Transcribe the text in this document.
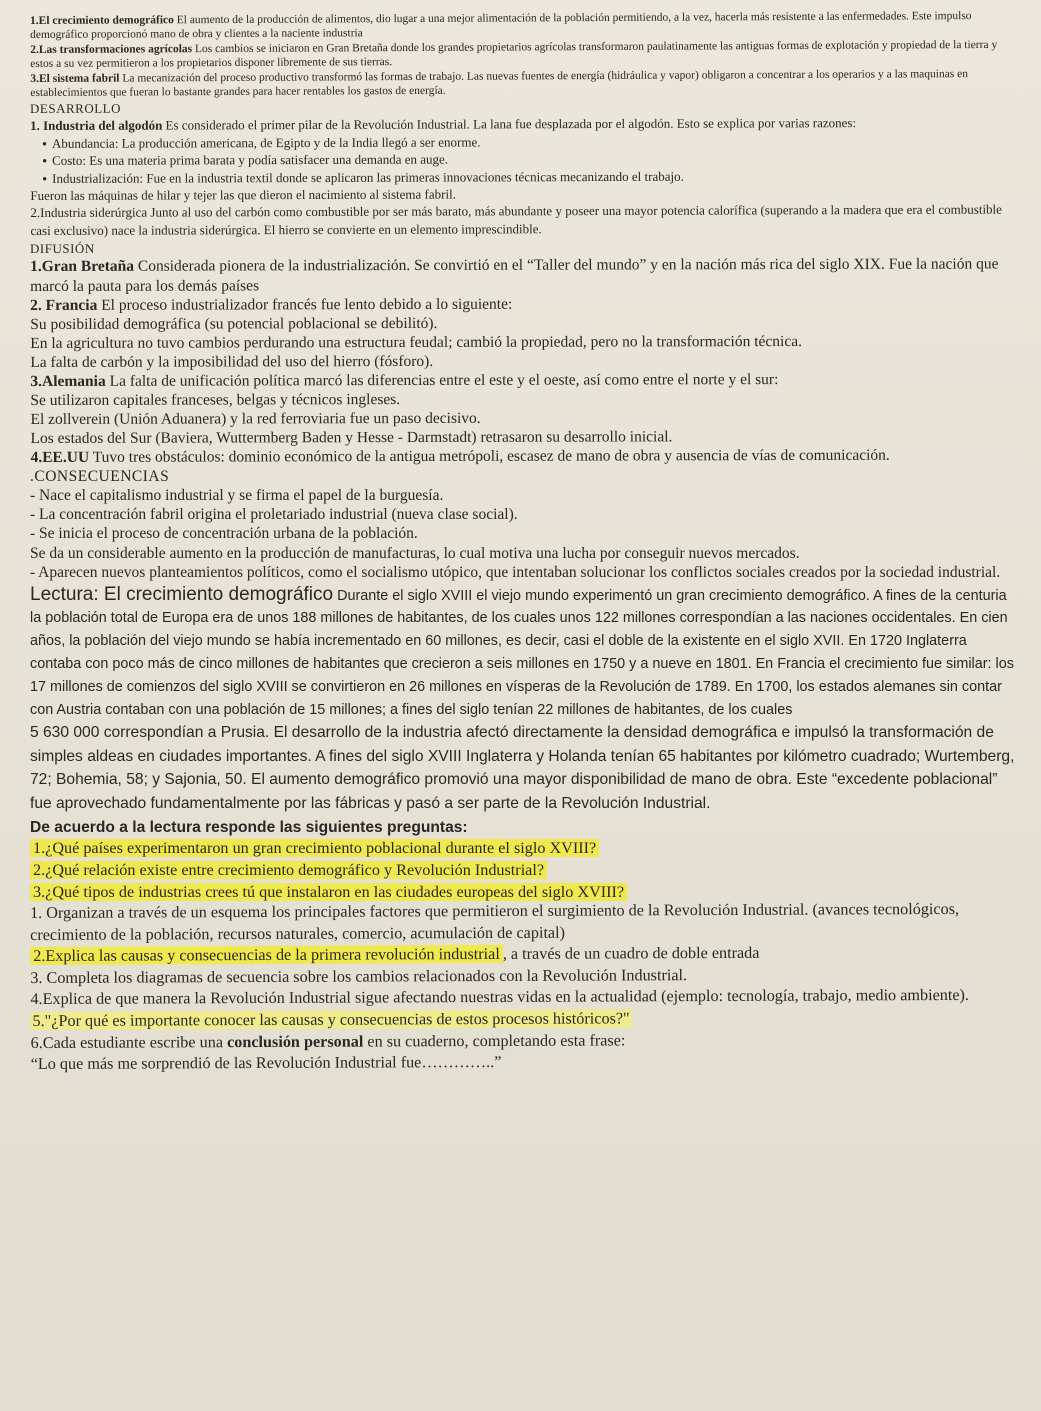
1.El crecimiento demográfico El aumento de la producción de alimentos, dio lugar a una mejor alimentación de la población permitiendo, a la vez, hacerla más resistente a las enfermedades. Este impulso demográfico proporcionó mano de obra y clientes a la naciente industria

2.Las transformaciones agrícolas Los cambios se iniciaron en Gran Bretaña donde los grandes propietarios agrícolas transformaron paulatinamente las antiguas formas de explotación y propiedad de la tierra y estos a su vez permitieron a los propietarios disponer libremente de sus tierras.

3.El sistema fabril La mecanización del proceso productivo transformó las formas de trabajo. Las nuevas fuentes de energía (hidráulica y vapor) obligaron a concentrar a los operarios y a las maquinas en establecimientos que fueran lo bastante grandes para hacer rentables los gastos de energía.

DESARROLLO

1. Industria del algodón Es considerado el primer pilar de la Revolución Industrial. La lana fue desplazada por el algodón. Esto se explica por varias razones:

● Abundancia: La producción americana, de Egipto y de la India llegó a ser enorme.

● Costo: Es una materia prima barata y podía satisfacer una demanda en auge.

● Industrialización: Fue en la industria textil donde se aplicaron las primeras innovaciones técnicas mecanizando el trabajo.

Fueron las máquinas de hilar y tejer las que dieron el nacimiento al sistema fabril.

2.Industria siderúrgica Junto al uso del carbón como combustible por ser más barato, más abundante y poseer una mayor potencia calorífica (superando a la madera que era el combustible casi exclusivo) nace la industria siderúrgica. El hierro se convierte en un elemento imprescindible.

DIFUSIÓN

1.Gran Bretaña Considerada pionera de la industrialización. Se convirtió en el “Taller del mundo” y en la nación más rica del siglo XIX. Fue la nación que marcó la pauta para los demás países

2. Francia El proceso industrializador francés fue lento debido a lo siguiente:

Su posibilidad demográfica (su potencial poblacional se debilitó).

En la agricultura no tuvo cambios perdurando una estructura feudal; cambió la propiedad, pero no la transformación técnica.

La falta de carbón y la imposibilidad del uso del hierro (fósforo).

3.Alemania La falta de unificación política marcó las diferencias entre el este y el oeste, así como entre el norte y el sur:

Se utilizaron capitales franceses, belgas y técnicos ingleses.

El zollverein (Unión Aduanera) y la red ferroviaria fue un paso decisivo.

Los estados del Sur (Baviera, Wuttermberg Baden y Hesse - Darmstadt) retrasaron su desarrollo inicial.

4.EE.UU Tuvo tres obstáculos: dominio económico de la antigua metrópoli, escasez de mano de obra y ausencia de vías de comunicación.

.CONSECUENCIAS

- Nace el capitalismo industrial y se firma el papel de la burguesía.

- La concentración fabril origina el proletariado industrial (nueva clase social).

- Se inicia el proceso de concentración urbana de la población.

Se da un considerable aumento en la producción de manufacturas, lo cual motiva una lucha por conseguir nuevos mercados.

- Aparecen nuevos planteamientos políticos, como el socialismo utópico, que intentaban solucionar los conflictos sociales creados por la sociedad industrial.

Lectura: El crecimiento demográfico Durante el siglo XVIII el viejo mundo experimentó un gran crecimiento demográfico. A fines de la centuria la población total de Europa era de unos 188 millones de habitantes, de los cuales unos 122 millones correspondían a las naciones occidentales. En cien años, la población del viejo mundo se había incrementado en 60 millones, es decir, casi el doble de la existente en el siglo XVII. En 1720 Inglaterra contaba con poco más de cinco millones de habitantes que crecieron a seis millones en 1750 y a nueve en 1801. En Francia el crecimiento fue similar: los 17 millones de comienzos del siglo XVIII se convirtieron en 26 millones en vísperas de la Revolución de 1789. En 1700, los estados alemanes sin contar con Austria contaban con una población de 15 millones; a fines del siglo tenían 22 millones de habitantes, de los cuales

5 630 000 correspondían a Prusia. El desarrollo de la industria afectó directamente la densidad demográfica e impulsó la transformación de simples aldeas en ciudades importantes. A fines del siglo XVIII Inglaterra y Holanda tenían 65 habitantes por kilómetro cuadrado; Wurtemberg, 72; Bohemia, 58; y Sajonia, 50. El aumento demográfico promovió una mayor disponibilidad de mano de obra. Este “excedente poblacional” fue aprovechado fundamentalmente por las fábricas y pasó a ser parte de la Revolución Industrial.

De acuerdo a la lectura responde las siguientes preguntas:

1.¿Qué países experimentaron un gran crecimiento poblacional durante el siglo XVIII?

2.¿Qué relación existe entre crecimiento demográfico y Revolución Industrial?

3.¿Qué tipos de industrias crees tú que instalaron en las ciudades europeas del siglo XVIII?

1. Organizan a través de un esquema los principales factores que permitieron el surgimiento de la Revolución Industrial. (avances tecnológicos, crecimiento de la población, recursos naturales, comercio, acumulación de capital)

2.Explica las causas y consecuencias de la primera revolución industrial , a través de un cuadro de doble entrada

3. Completa los diagramas de secuencia sobre los cambios relacionados con la Revolución Industrial.

4.Explica de que manera la Revolución Industrial sigue afectando nuestras vidas en la actualidad (ejemplo: tecnología, trabajo, medio ambiente).

5."¿Por qué es importante conocer las causas y consecuencias de estos procesos históricos?"

6.Cada estudiante escribe una conclusión personal en su cuaderno, completando esta frase:

“Lo que más me sorprendió de las Revolución Industrial fue…………..”
